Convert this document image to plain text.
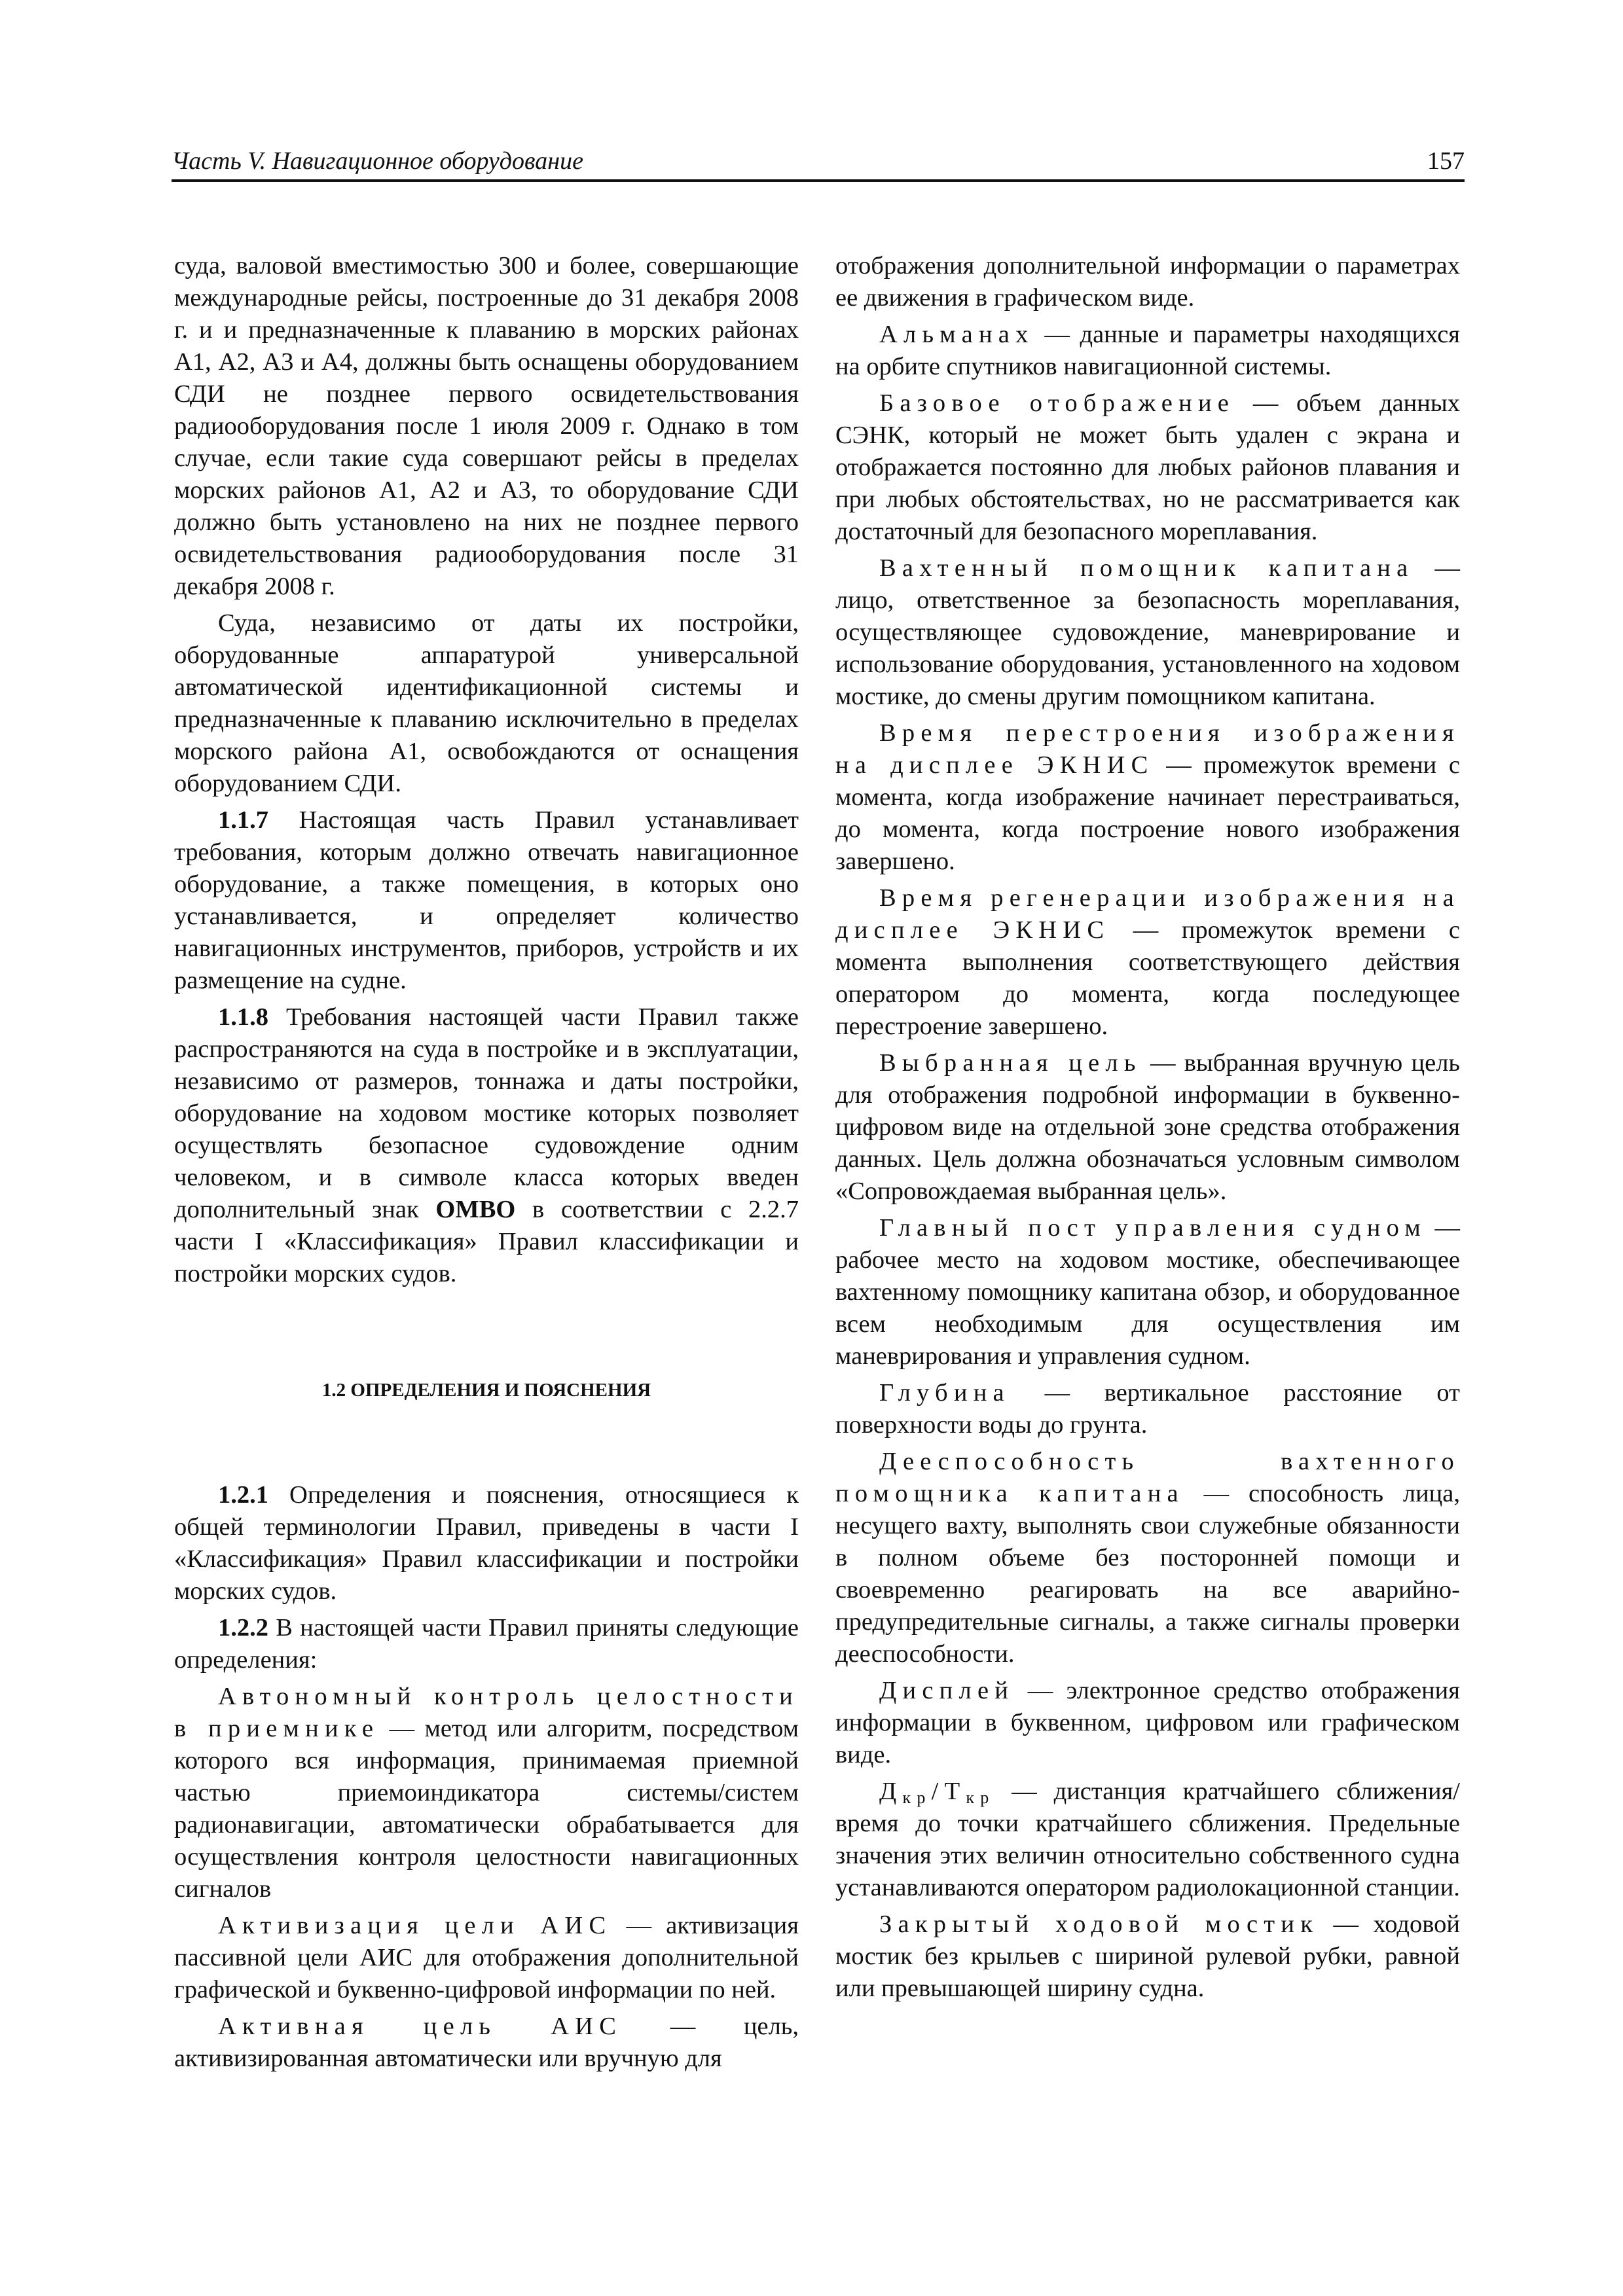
Часть V. Навигационное оборудование	157

суда, валовой вместимостью 300 и более, совершающие международные рейсы, построенные до 31 декабря 2008 г. и и предназначенные к плаванию в морских районах А1, А2, А3 и А4, должны быть оснащены оборудованием СДИ не позднее первого освидетельствования радиооборудования после 1 июля 2009 г. Однако в том случае, если такие суда совершают рейсы в пределах морских районов А1, А2 и А3, то оборудование СДИ должно быть установлено на них не позднее первого освидетельствования радиооборудования после 31 декабря 2008 г.

Суда, независимо от даты их постройки, оборудованные аппаратурой универсальной автоматической идентификационной системы и предназначенные к плаванию исключительно в пределах морского района А1, освобождаются от оснащения оборудованием СДИ.

1.1.7 Настоящая часть Правил устанавливает требования, которым должно отвечать навигационное оборудование, а также помещения, в которых оно устанавливается, и определяет количество навигационных инструментов, приборов, устройств и их размещение на судне.

1.1.8 Требования настоящей части Правил также распространяются на суда в постройке и в эксплуатации, независимо от размеров, тоннажа и даты постройки, оборудование на ходовом мостике которых позволяет осуществлять безопасное судовождение одним человеком, и в символе класса которых введен дополнительный знак OMBO в соответствии с 2.2.7 части I «Классификация» Правил классификации и постройки морских судов.

1.2 ОПРЕДЕЛЕНИЯ И ПОЯСНЕНИЯ

1.2.1 Определения и пояснения, относящиеся к общей терминологии Правил, приведены в части I «Классификация» Правил классификации и постройки морских судов.

1.2.2 В настоящей части Правил приняты следующие определения:

Автономный контроль целостности в приемнике — метод или алгоритм, посредством которого вся информация, принимаемая приемной частью приемоиндикатора системы/систем радионавигации, автоматически обрабатывается для осуществления контроля целостности навигационных сигналов

Активизация цели АИС — активизация пассивной цели АИС для отображения дополнительной графической и буквенно-цифровой информации по ней.

Активная цель АИС — цель, активизированная автоматически или вручную для

отображения дополнительной информации о параметрах ее движения в графическом виде.

Альманах — данные и параметры находящихся на орбите спутников навигационной системы.

Базовое отображение — объем данных СЭНК, который не может быть удален с экрана и отображается постоянно для любых районов плавания и при любых обстоятельствах, но не рассматривается как достаточный для безопасного мореплавания.

Вахтенный помощник капитана — лицо, ответственное за безопасность мореплавания, осуществляющее судовождение, маневрирование и использование оборудования, установленного на ходовом мостике, до смены другим помощником капитана.

Время перестроения изображения на дисплее ЭКНИС — промежуток времени с момента, когда изображение начинает перестраиваться, до момента, когда построение нового изображения завершено.

Время регенерации изображения на дисплее ЭКНИС — промежуток времени с момента выполнения соответствующего действия оператором до момента, когда последующее перестроение завершено.

Выбранная цель — выбранная вручную цель для отображения подробной информации в буквенно-цифровом виде на отдельной зоне средства отображения данных. Цель должна обозначаться условным символом «Сопровождаемая выбранная цель».

Главный пост управления судном — рабочее место на ходовом мостике, обеспечивающее вахтенному помощнику капитана обзор, и оборудованное всем необходимым для осуществления им маневрирования и управления судном.

Глубина — вертикальное расстояние от поверхности воды до грунта.

Дееспособность вахтенного помощника капитана — способность лица, несущего вахту, выполнять свои служебные обязанности в полном объеме без посторонней помощи и своевременно реагировать на все аварийно-предупредительные сигналы, а также сигналы проверки дееспособности.

Дисплей — электронное средство отображения информации в буквенном, цифровом или графическом виде.

$Д_{кр}/Т_{кр}$ — дистанция кратчайшего сближения/ время до точки кратчайшего сближения. Предельные значения этих величин относительно собственного судна устанавливаются оператором радиолокационной станции.

Закрытый ходовой мостик — ходовой мостик без крыльев с шириной рулевой рубки, равной или превышающей ширину судна.
